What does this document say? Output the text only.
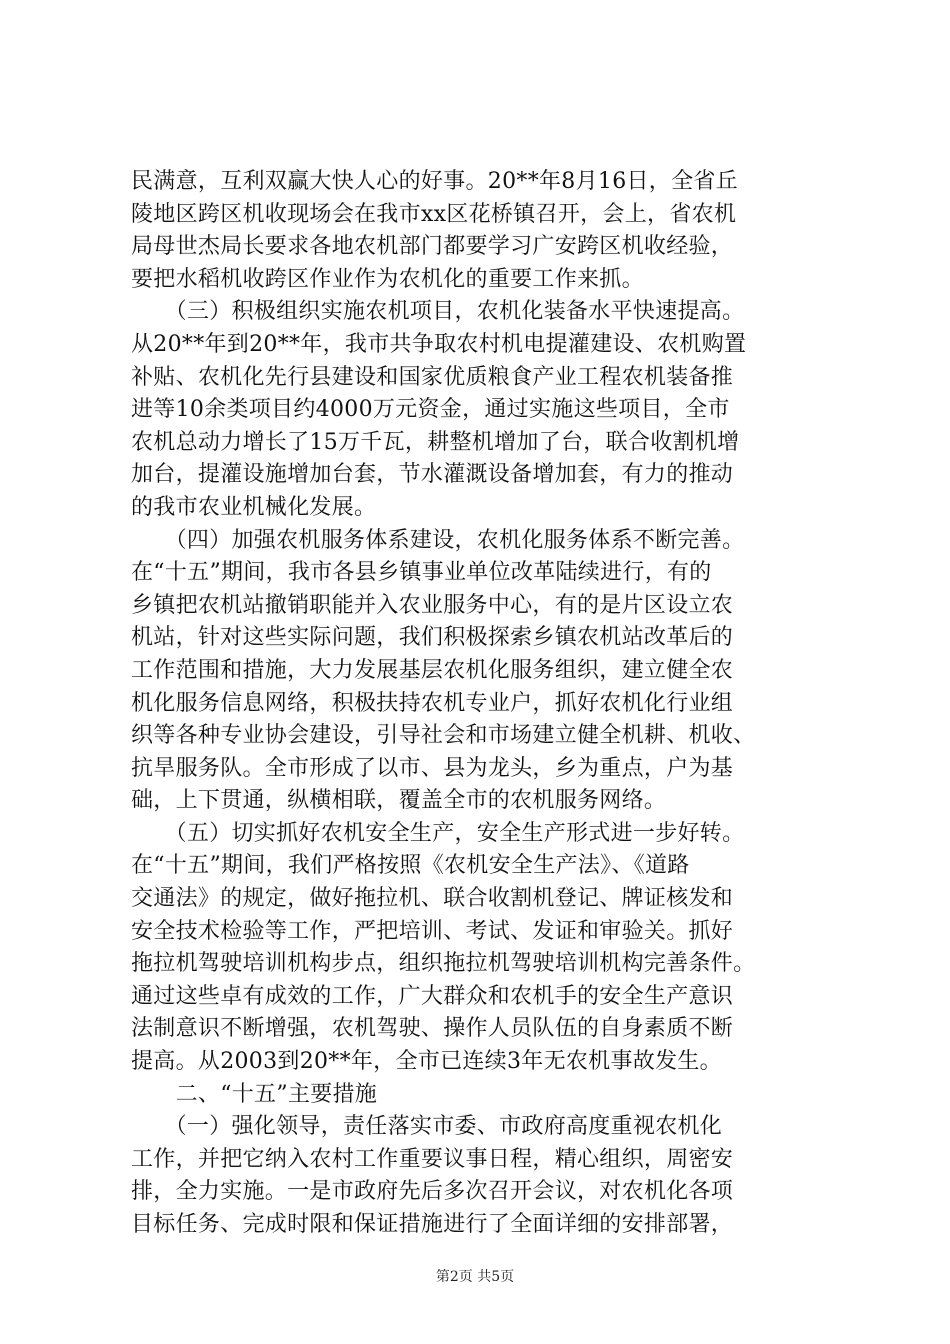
民满意，互利双赢大快人心的好事。20**年8月16日，全省丘
陵地区跨区机收现场会在我市xx区花桥镇召开，会上，省农机
局母世杰局长要求各地农机部门都要学习广安跨区机收经验，
要把水稻机收跨区作业作为农机化的重要工作来抓。
　　（三）积极组织实施农机项目，农机化装备水平快速提高。
从20**年到20**年，我市共争取农村机电提灌建设、农机购置
补贴、农机化先行县建设和国家优质粮食产业工程农机装备推
进等10余类项目约4000万元资金，通过实施这些项目，全市
农机总动力增长了15万千瓦，耕整机增加了台，联合收割机增
加台，提灌设施增加台套，节水灌溉设备增加套，有力的推动
的我市农业机械化发展。
　　（四）加强农机服务体系建设，农机化服务体系不断完善。
在“十五”期间，我市各县乡镇事业单位改革陆续进行，有的
乡镇把农机站撤销职能并入农业服务中心，有的是片区设立农
机站，针对这些实际问题，我们积极探索乡镇农机站改革后的
工作范围和措施，大力发展基层农机化服务组织，建立健全农
机化服务信息网络，积极扶持农机专业户，抓好农机化行业组
织等各种专业协会建设，引导社会和市场建立健全机耕、机收、
抗旱服务队。全市形成了以市、县为龙头，乡为重点，户为基
础，上下贯通，纵横相联，覆盖全市的农机服务网络。
　　（五）切实抓好农机安全生产，安全生产形式进一步好转。
在“十五”期间，我们严格按照《农机安全生产法》、《道路
交通法》的规定，做好拖拉机、联合收割机登记、牌证核发和
安全技术检验等工作，严把培训、考试、发证和审验关。抓好
拖拉机驾驶培训机构步点，组织拖拉机驾驶培训机构完善条件。
通过这些卓有成效的工作，广大群众和农机手的安全生产意识
法制意识不断增强，农机驾驶、操作人员队伍的自身素质不断
提高。从2003到20**年，全市已连续3年无农机事故发生。
　　二、“十五”主要措施
　　（一）强化领导，责任落实市委、市政府高度重视农机化
工作，并把它纳入农村工作重要议事日程，精心组织，周密安
排，全力实施。一是市政府先后多次召开会议，对农机化各项
目标任务、完成时限和保证措施进行了全面详细的安排部署，
第2页 共5页
